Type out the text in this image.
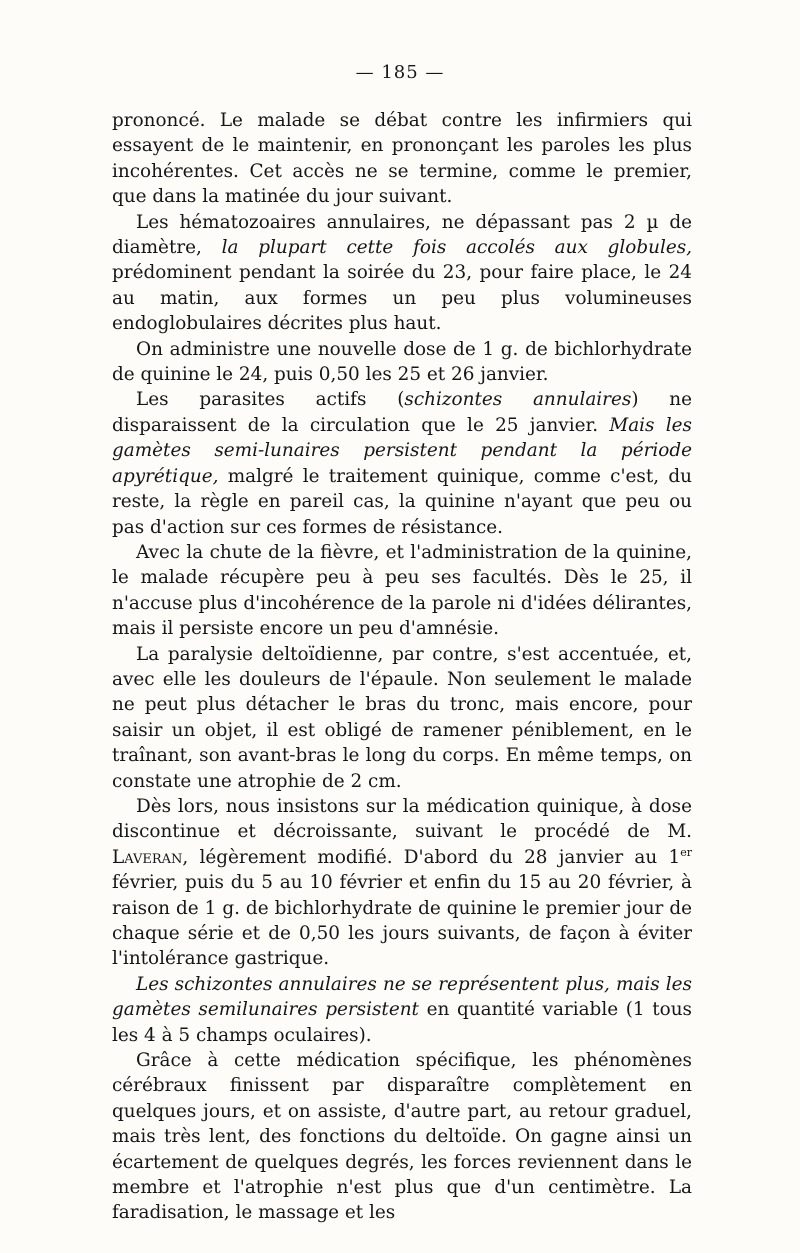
— 185 —

prononcé. Le malade se débat contre les infirmiers qui essayent de le maintenir, en prononçant les paroles les plus incohérentes. Cet accès ne se termine, comme le premier, que dans la matinée du jour suivant.

Les hématozoaires annulaires, ne dépassant pas 2 µ de diamètre, la plupart cette fois accolés aux globules, prédominent pendant la soirée du 23, pour faire place, le 24 au matin, aux formes un peu plus volumineuses endoglobulaires décrites plus haut.

On administre une nouvelle dose de 1 g. de bichlorhydrate de quinine le 24, puis 0,50 les 25 et 26 janvier.

Les parasites actifs (schizontes annulaires) ne disparaissent de la circulation que le 25 janvier. Mais les gamètes semi-lunaires persistent pendant la période apyrétique, malgré le traitement quinique, comme c'est, du reste, la règle en pareil cas, la quinine n'ayant que peu ou pas d'action sur ces formes de résistance.

Avec la chute de la fièvre, et l'administration de la quinine, le malade récupère peu à peu ses facultés. Dès le 25, il n'accuse plus d'incohérence de la parole ni d'idées délirantes, mais il persiste encore un peu d'amnésie.

La paralysie deltoïdienne, par contre, s'est accentuée, et, avec elle les douleurs de l'épaule. Non seulement le malade ne peut plus détacher le bras du tronc, mais encore, pour saisir un objet, il est obligé de ramener péniblement, en le traînant, son avant-bras le long du corps. En même temps, on constate une atrophie de 2 cm.

Dès lors, nous insistons sur la médication quinique, à dose discontinue et décroissante, suivant le procédé de M. Laveran, légèrement modifié. D'abord du 28 janvier au 1er février, puis du 5 au 10 février et enfin du 15 au 20 février, à raison de 1 g. de bichlorhydrate de quinine le premier jour de chaque série et de 0,50 les jours suivants, de façon à éviter l'intolérance gastrique.

Les schizontes annulaires ne se représentent plus, mais les gamètes semilunaires persistent en quantité variable (1 tous les 4 à 5 champs oculaires).

Grâce à cette médication spécifique, les phénomènes cérébraux finissent par disparaître complètement en quelques jours, et on assiste, d'autre part, au retour graduel, mais très lent, des fonctions du deltoïde. On gagne ainsi un écartement de quelques degrés, les forces reviennent dans le membre et l'atrophie n'est plus que d'un centimètre. La faradisation, le massage et les
